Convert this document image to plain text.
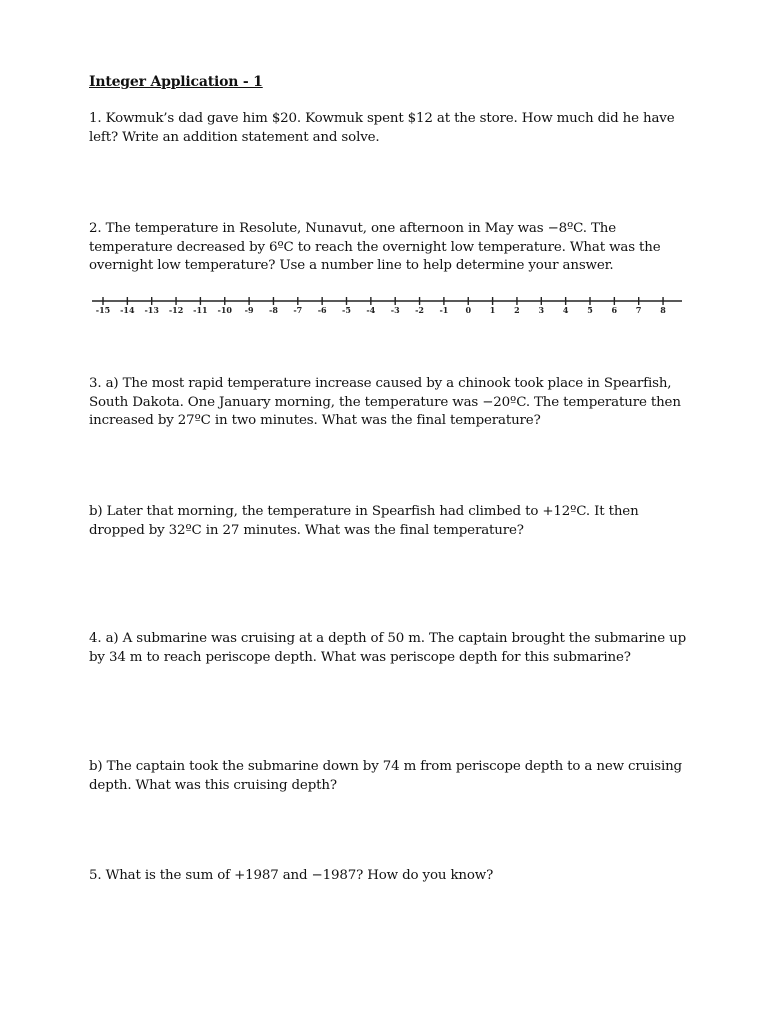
Integer Application - 1

1. Kowmuk’s dad gave him $20. Kowmuk spent $12 at the store. How much did he have left? Write an addition statement and solve.

2. The temperature in Resolute, Nunavut, one afternoon in May was −8ºC. The temperature decreased by 6ºC to reach the overnight low temperature. What was the overnight low temperature? Use a number line to help determine your answer.

-15 -14 -13 -12 -11 -10 -9 -8 -7 -6 -5 -4 -3 -2 -1 0 1 2 3 4 5 6 7 8

3. a) The most rapid temperature increase caused by a chinook took place in Spearfish, South Dakota. One January morning, the temperature was −20ºC. The temperature then increased by 27ºC in two minutes. What was the final temperature?

b) Later that morning, the temperature in Spearfish had climbed to +12ºC. It then dropped by 32ºC in 27 minutes. What was the final temperature?

4. a) A submarine was cruising at a depth of 50 m. The captain brought the submarine up by 34 m to reach periscope depth. What was periscope depth for this submarine?

b) The captain took the submarine down by 74 m from periscope depth to a new cruising depth. What was this cruising depth?

5. What is the sum of +1987 and −1987? How do you know?
